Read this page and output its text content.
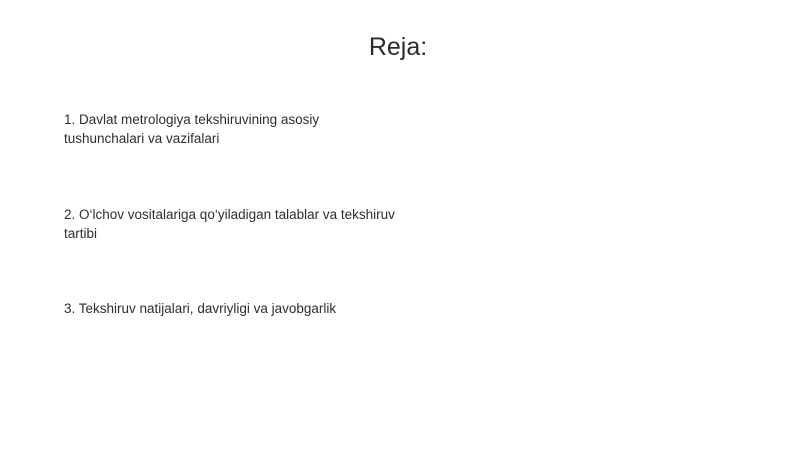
Reja:
1. Davlat metrologiya tekshiruvining asosiy tushunchalari va vazifalari
2. O‘lchov vositalariga qo‘yiladigan talablar va tekshiruv tartibi
3. Tekshiruv natijalari, davriyligi va javobgarlik
